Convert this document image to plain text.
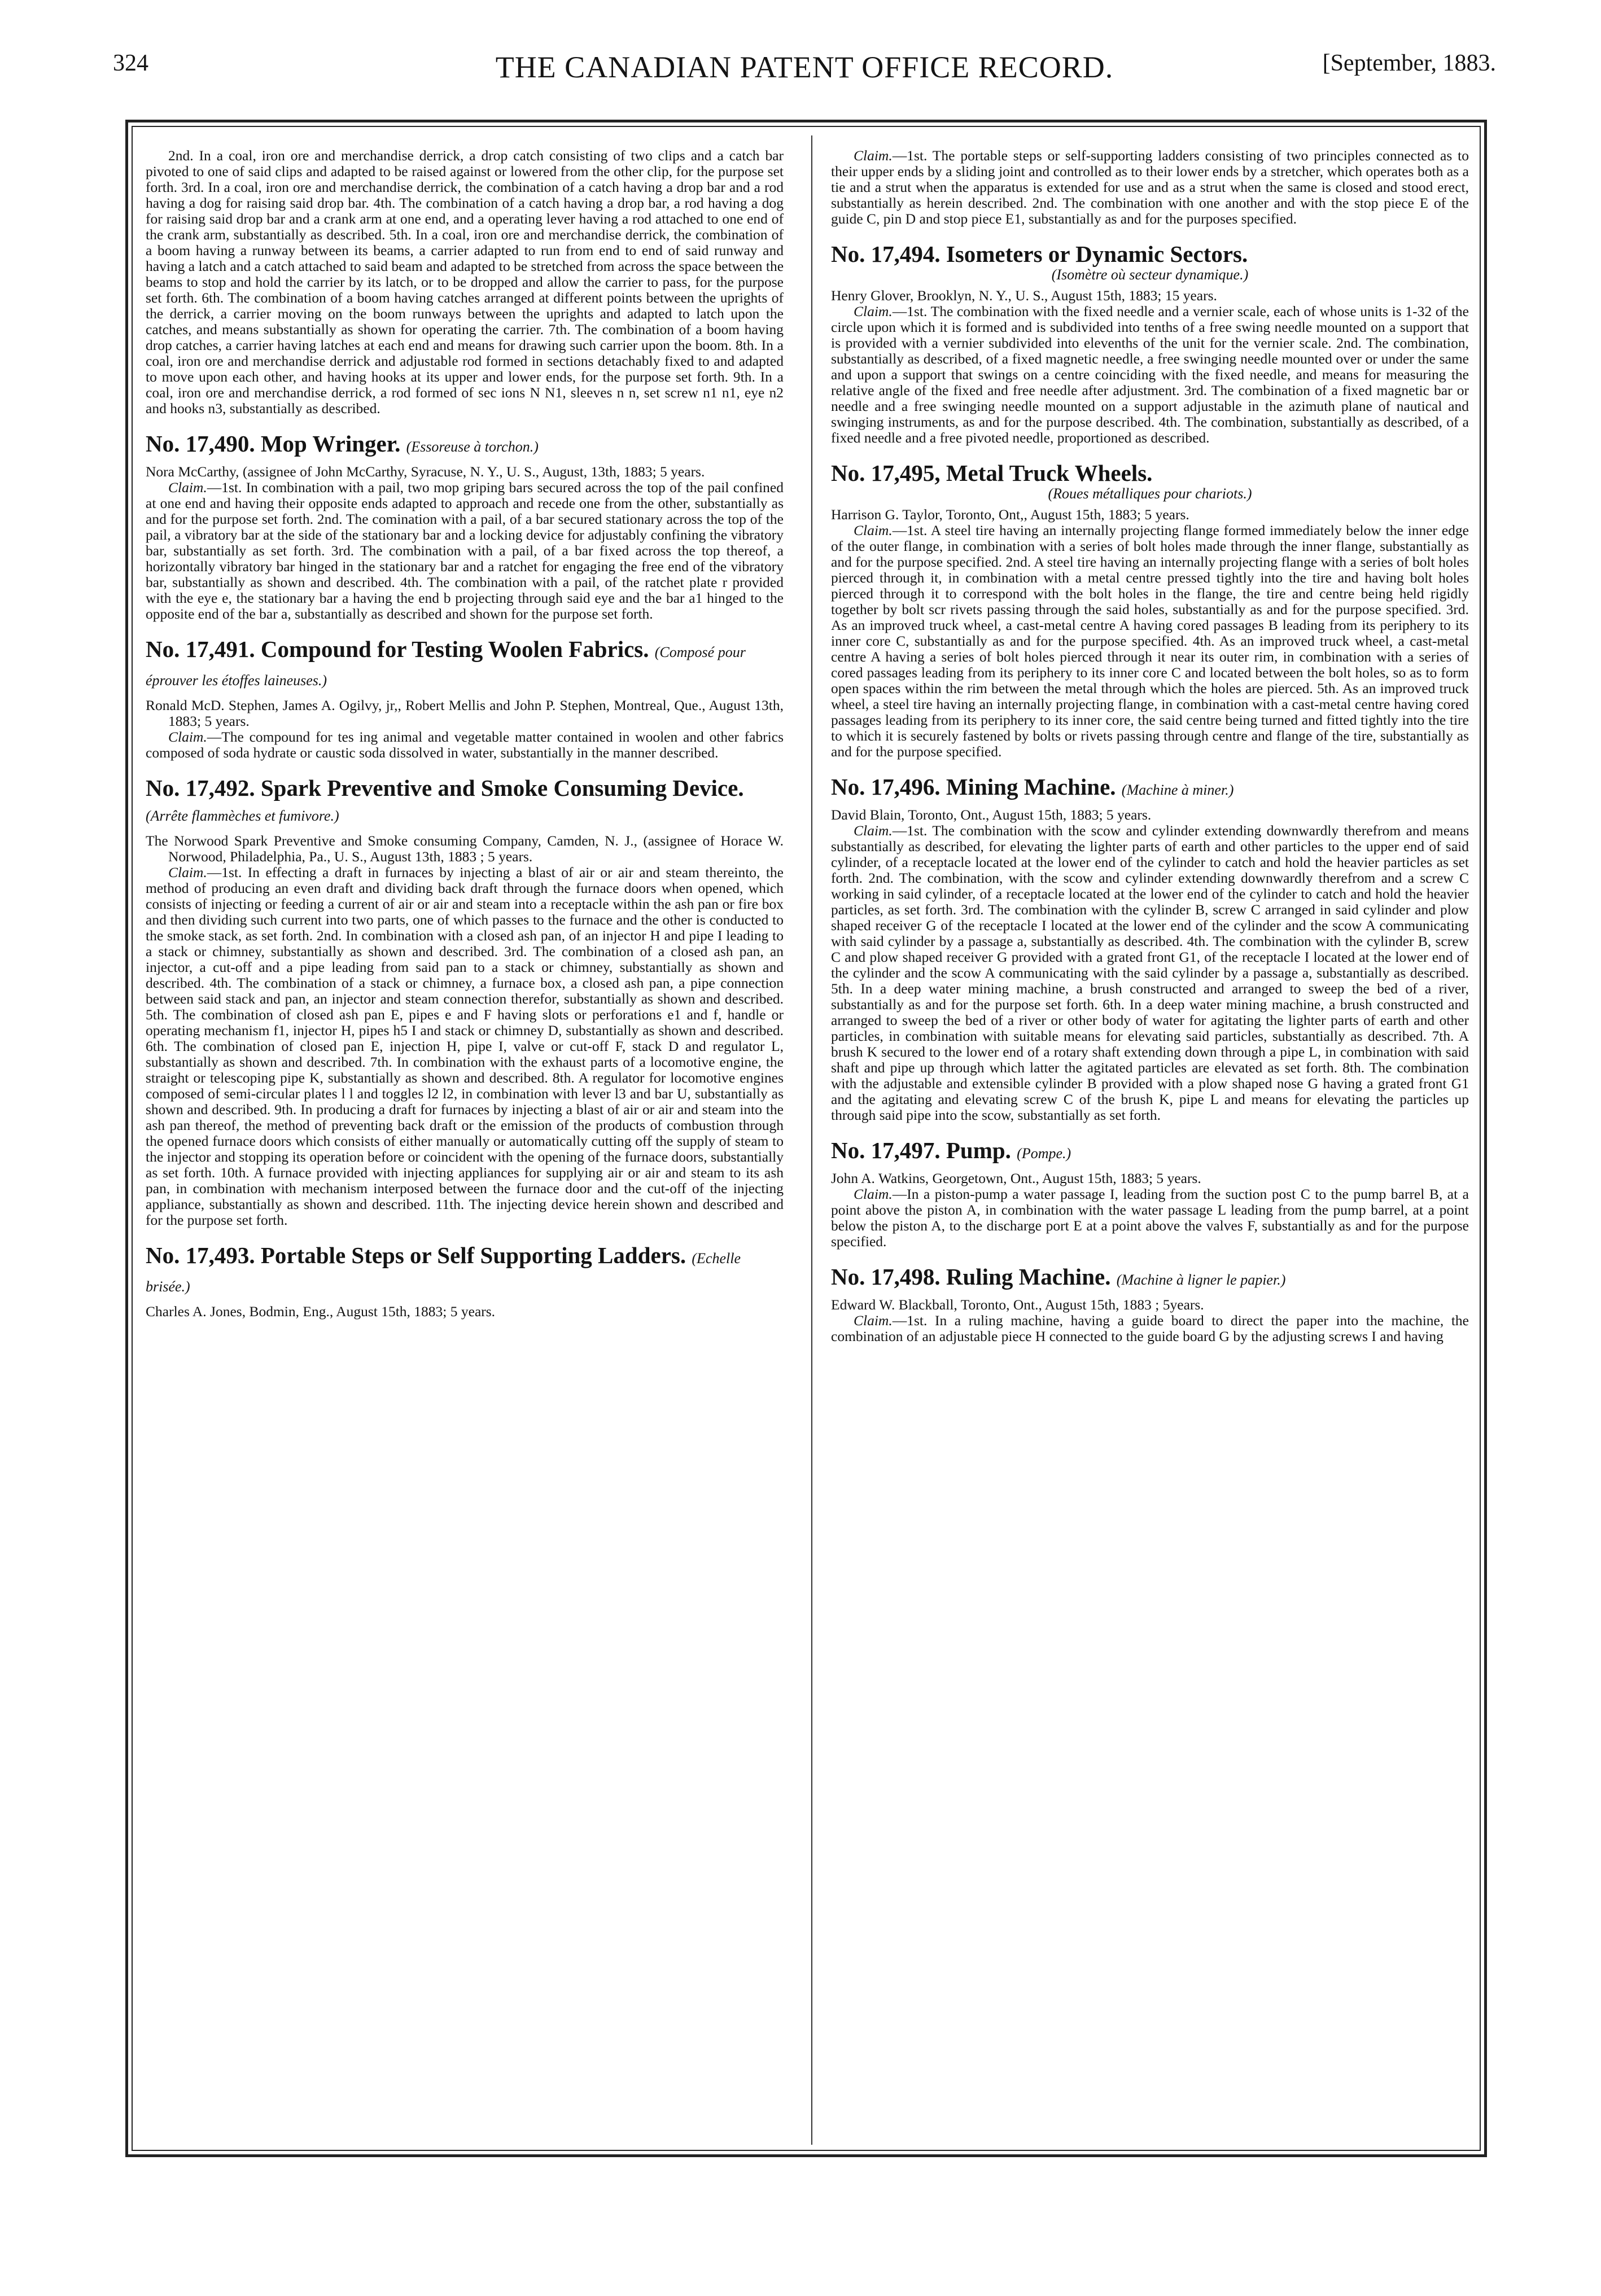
324	THE CANADIAN PATENT OFFICE RECORD.	[September, 1883.

2nd. In a coal, iron ore and merchandise derrick, a drop catch consisting of two clips and a catch bar pivoted to one of said clips and adapted to be raised against or lowered from the other clip, for the purpose set forth. 3rd. In a coal, iron ore and merchandise derrick, the combination of a catch having a drop bar and a rod having a dog for raising said drop bar. 4th. The combination of a catch having a drop bar, a rod having a dog for raising said drop bar and a crank arm at one end, and a operating lever having a rod attached to one end of the crank arm, substantially as described. 5th. In a coal, iron ore and merchandise derrick, the combination of a boom having a runway between its beams, a carrier adapted to run from end to end of said runway and having a latch and a catch attached to said beam and adapted to be stretched from across the space between the beams to stop and hold the carrier by its latch, or to be dropped and allow the carrier to pass, for the purpose set forth. 6th. The combination of a boom having catches arranged at different points between the uprights of the derrick, a carrier moving on the boom runways between the uprights and adapted to latch upon the catches, and means substantially as shown for operating the carrier. 7th. The combination of a boom having drop catches, a carrier having latches at each end and means for drawing such carrier upon the boom. 8th. In a coal, iron ore and merchandise derrick and adjustable rod formed in sections detachably fixed to and adapted to move upon each other, and having hooks at its upper and lower ends, for the purpose set forth. 9th. In a coal, iron ore and merchandise derrick, a rod formed of sec ions N N1, sleeves n n, set screw n1 n1, eye n2 and hooks n3, substantially as described.

No. 17,490. Mop Wringer. (Essoreuse à torchon.)

Nora McCarthy, (assignee of John McCarthy, Syracuse, N. Y., U. S., August, 13th, 1883; 5 years.

Claim.—1st. In combination with a pail, two mop griping bars secured across the top of the pail confined at one end and having their opposite ends adapted to approach and recede one from the other, substantially as and for the purpose set forth. 2nd. The comination with a pail, of a bar secured stationary across the top of the pail, a vibratory bar at the side of the stationary bar and a locking device for adjustably confining the vibratory bar, substantially as set forth. 3rd. The combination with a pail, of a bar fixed across the top thereof, a horizontally vibratory bar hinged in the stationary bar and a ratchet for engaging the free end of the vibratory bar, substantially as shown and described. 4th. The combination with a pail, of the ratchet plate r provided with the eye e, the stationary bar a having the end b projecting through said eye and the bar a1 hinged to the opposite end of the bar a, substantially as described and shown for the purpose set forth.

No. 17,491. Compound for Testing Woolen Fabrics. (Composé pour éprouver les étoffes laineuses.)

Ronald McD. Stephen, James A. Ogilvy, jr,, Robert Mellis and John P. Stephen, Montreal, Que., August 13th, 1883; 5 years.

Claim.—The compound for tes ing animal and vegetable matter contained in woolen and other fabrics composed of soda hydrate or caustic soda dissolved in water, substantially in the manner described.

No. 17,492. Spark Preventive and Smoke Consuming Device. (Arrête flammèches et fumivore.)

The Norwood Spark Preventive and Smoke consuming Company, Camden, N. J., (assignee of Horace W. Norwood, Philadelphia, Pa., U. S., August 13th, 1883 ; 5 years.

Claim.—1st. In effecting a draft in furnaces by injecting a blast of air or air and steam thereinto, the method of producing an even draft and dividing back draft through the furnace doors when opened, which consists of injecting or feeding a current of air or air and steam into a receptacle within the ash pan or fire box and then dividing such current into two parts, one of which passes to the furnace and the other is conducted to the smoke stack, as set forth. 2nd. In combination with a closed ash pan, of an injector H and pipe I leading to a stack or chimney, substantially as shown and described. 3rd. The combination of a closed ash pan, an injector, a cut-off and a pipe leading from said pan to a stack or chimney, substantially as shown and described. 4th. The combination of a stack or chimney, a furnace box, a closed ash pan, a pipe connection between said stack and pan, an injector and steam connection therefor, substantially as shown and described. 5th. The combination of closed ash pan E, pipes e and F having slots or perforations e1 and f, handle or operating mechanism f1, injector H, pipes h5 I and stack or chimney D, substantially as shown and described. 6th. The combination of closed pan E, injection H, pipe I, valve or cut-off F, stack D and regulator L, substantially as shown and described. 7th. In combination with the exhaust parts of a locomotive engine, the straight or telescoping pipe K, substantially as shown and described. 8th. A regulator for locomotive engines composed of semi-circular plates l l and toggles l2 l2, in combination with lever l3 and bar U, substantially as shown and described. 9th. In producing a draft for furnaces by injecting a blast of air or air and steam into the ash pan thereof, the method of preventing back draft or the emission of the products of combustion through the opened furnace doors which consists of either manually or automatically cutting off the supply of steam to the injector and stopping its operation before or coincident with the opening of the furnace doors, substantially as set forth. 10th. A furnace provided with injecting appliances for supplying air or air and steam to its ash pan, in combination with mechanism interposed between the furnace door and the cut-off of the injecting appliance, substantially as shown and described. 11th. The injecting device herein shown and described and for the purpose set forth.

No. 17,493. Portable Steps or Self Supporting Ladders. (Echelle brisée.)

Charles A. Jones, Bodmin, Eng., August 15th, 1883; 5 years.

Claim.—1st. The portable steps or self-supporting ladders consisting of two principles connected as to their upper ends by a sliding joint and controlled as to their lower ends by a stretcher, which operates both as a tie and a strut when the apparatus is extended for use and as a strut when the same is closed and stood erect, substantially as herein described. 2nd. The combination with one another and with the stop piece E of the guide C, pin D and stop piece E1, substantially as and for the purposes specified.

No. 17,494. Isometers or Dynamic Sectors.
(Isomètre où secteur dynamique.)

Henry Glover, Brooklyn, N. Y., U. S., August 15th, 1883; 15 years.

Claim.—1st. The combination with the fixed needle and a vernier scale, each of whose units is 1-32 of the circle upon which it is formed and is subdivided into tenths of a free swing needle mounted on a support that is provided with a vernier subdivided into elevenths of the unit for the vernier scale. 2nd. The combination, substantially as described, of a fixed magnetic needle, a free swinging needle mounted over or under the same and upon a support that swings on a centre coinciding with the fixed needle, and means for measuring the relative angle of the fixed and free needle after adjustment. 3rd. The combination of a fixed magnetic bar or needle and a free swinging needle mounted on a support adjustable in the azimuth plane of nautical and swinging instruments, as and for the purpose described. 4th. The combination, substantially as described, of a fixed needle and a free pivoted needle, proportioned as described.

No. 17,495, Metal Truck Wheels.
(Roues métalliques pour chariots.)

Harrison G. Taylor, Toronto, Ont,, August 15th, 1883; 5 years.

Claim.—1st. A steel tire having an internally projecting flange formed immediately below the inner edge of the outer flange, in combination with a series of bolt holes made through the inner flange, substantially as and for the purpose specified. 2nd. A steel tire having an internally projecting flange with a series of bolt holes pierced through it, in combination with a metal centre pressed tightly into the tire and having bolt holes pierced through it to correspond with the bolt holes in the flange, the tire and centre being held rigidly together by bolt scr rivets passing through the said holes, substantially as and for the purpose specified. 3rd. As an improved truck wheel, a cast-metal centre A having cored passages B leading from its periphery to its inner core C, substantially as and for the purpose specified. 4th. As an improved truck wheel, a cast-metal centre A having a series of bolt holes pierced through it near its outer rim, in combination with a series of cored passages leading from its periphery to its inner core C and located between the bolt holes, so as to form open spaces within the rim between the metal through which the holes are pierced. 5th. As an improved truck wheel, a steel tire having an internally projecting flange, in combination with a cast-metal centre having cored passages leading from its periphery to its inner core, the said centre being turned and fitted tightly into the tire to which it is securely fastened by bolts or rivets passing through centre and flange of the tire, substantially as and for the purpose specified.

No. 17,496. Mining Machine. (Machine à miner.)

David Blain, Toronto, Ont., August 15th, 1883; 5 years.

Claim.—1st. The combination with the scow and cylinder extending downwardly therefrom and means substantially as described, for elevating the lighter parts of earth and other particles to the upper end of said cylinder, of a receptacle located at the lower end of the cylinder to catch and hold the heavier particles as set forth. 2nd. The combination, with the scow and cylinder extending downwardly therefrom and a screw C working in said cylinder, of a receptacle located at the lower end of the cylinder to catch and hold the heavier particles, as set forth. 3rd. The combination with the cylinder B, screw C arranged in said cylinder and plow shaped receiver G of the receptacle I located at the lower end of the cylinder and the scow A communicating with said cylinder by a passage a, substantially as described. 4th. The combination with the cylinder B, screw C and plow shaped receiver G provided with a grated front G1, of the receptacle I located at the lower end of the cylinder and the scow A communicating with the said cylinder by a passage a, substantially as described. 5th. In a deep water mining machine, a brush constructed and arranged to sweep the bed of a river, substantially as and for the purpose set forth. 6th. In a deep water mining machine, a brush constructed and arranged to sweep the bed of a river or other body of water for agitating the lighter parts of earth and other particles, in combination with suitable means for elevating said particles, substantially as described. 7th. A brush K secured to the lower end of a rotary shaft extending down through a pipe L, in combination with said shaft and pipe up through which latter the agitated particles are elevated as set forth. 8th. The combination with the adjustable and extensible cylinder B provided with a plow shaped nose G having a grated front G1 and the agitating and elevating screw C of the brush K, pipe L and means for elevating the particles up through said pipe into the scow, substantially as set forth.

No. 17,497. Pump. (Pompe.)

John A. Watkins, Georgetown, Ont., August 15th, 1883; 5 years.

Claim.—In a piston-pump a water passage I, leading from the suction post C to the pump barrel B, at a point above the piston A, in combination with the water passage L leading from the pump barrel, at a point below the piston A, to the discharge port E at a point above the valves F, substantially as and for the purpose specified.

No. 17,498. Ruling Machine. (Machine à ligner le papier.)

Edward W. Blackball, Toronto, Ont., August 15th, 1883 ; 5years.

Claim.—1st. In a ruling machine, having a guide board to direct the paper into the machine, the combination of an adjustable piece H connected to the guide board G by the adjusting screws I and having
